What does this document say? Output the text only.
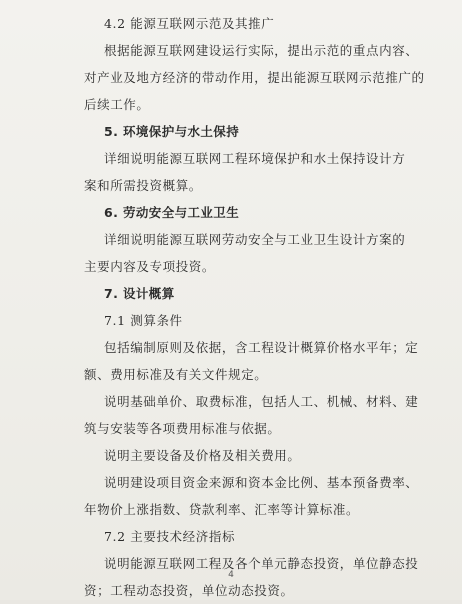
4.2 能源互联网示范及其推广
根据能源互联网建设运行实际，提出示范的重点内容、
对产业及地方经济的带动作用，提出能源互联网示范推广的
后续工作。
5. 环境保护与水土保持
详细说明能源互联网工程环境保护和水土保持设计方
案和所需投资概算。
6. 劳动安全与工业卫生
详细说明能源互联网劳动安全与工业卫生设计方案的
主要内容及专项投资。
7. 设计概算
7.1 测算条件
包括编制原则及依据，含工程设计概算价格水平年；定
额、费用标准及有关文件规定。
说明基础单价、取费标准，包括人工、机械、材料、建
筑与安装等各项费用标准与依据。
说明主要设备及价格及相关费用。
说明建设项目资金来源和资本金比例、基本预备费率、
年物价上涨指数、贷款利率、汇率等计算标准。
7.2 主要技术经济指标
说明能源互联网工程及各个单元静态投资，单位静态投
资；工程动态投资，单位动态投资。
4
